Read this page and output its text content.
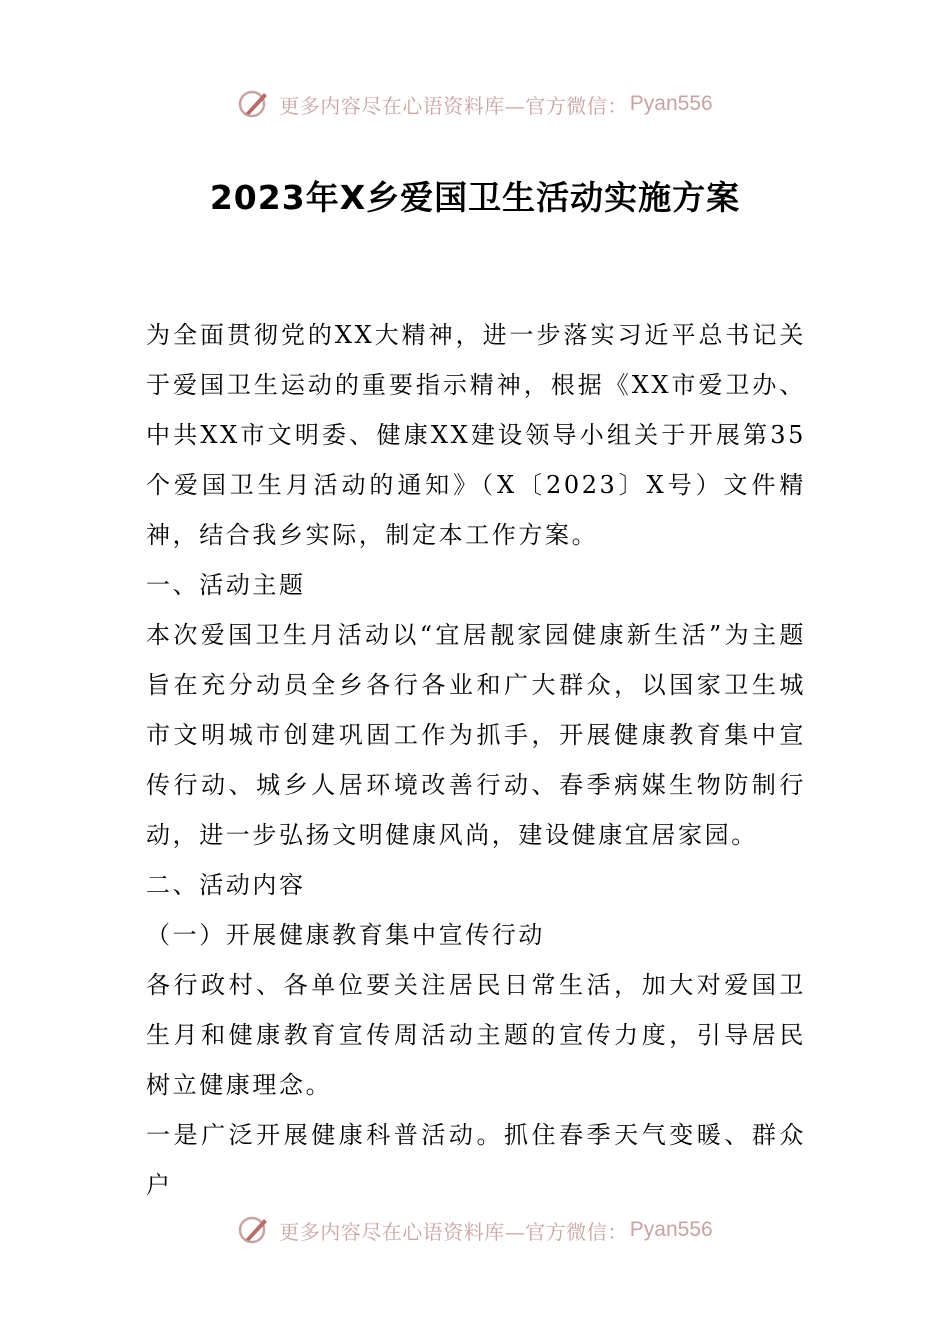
更多内容尽在心语资料库—官方微信： Pyan556
2023年X乡爱国卫生活动实施方案

为全面贯彻党的XX大精神，进一步落实习近平总书记关于爱国卫生运动的重要指示精神，根据《XX市爱卫办、中共XX市文明委、健康XX建设领导小组关于开展第35个爱国卫生月活动的通知》（X〔2023〕X号）文件精神，结合我乡实际，制定本工作方案。

一、活动主题

本次爱国卫生月活动以“宜居靓家园健康新生活”为主题旨在充分动员全乡各行各业和广大群众，以国家卫生城市文明城市创建巩固工作为抓手，开展健康教育集中宣传行动、城乡人居环境改善行动、春季病媒生物防制行动，进一步弘扬文明健康风尚，建设健康宜居家园。

二、活动内容

（一）开展健康教育集中宣传行动

各行政村、各单位要关注居民日常生活，加大对爱国卫生月和健康教育宣传周活动主题的宣传力度，引导居民树立健康理念。

一是广泛开展健康科普活动。抓住春季天气变暖、群众户

更多内容尽在心语资料库—官方微信： Pyan556
